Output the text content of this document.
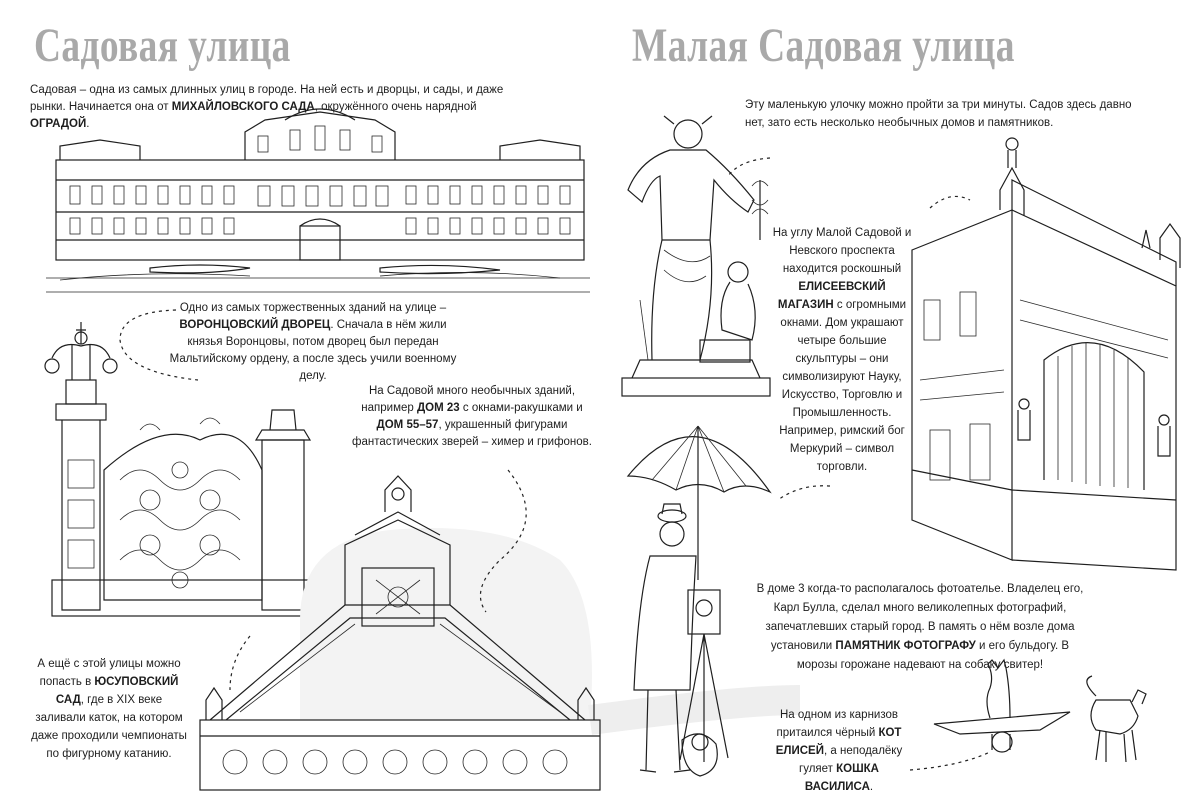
Садовая улица	Малая Садовая улица

Садовая – одна из самых длинных улиц в городе. На ней есть и дворцы, и сады, и даже рынки. Начинается она от МИХАЙЛОВСКОГО САДА, окружённого очень нарядной ОГРАДОЙ.

Одно из самых торжественных зданий на улице – ВОРОНЦОВСКИЙ ДВОРЕЦ. Сначала в нём жили князья Воронцовы, потом дворец был передан Мальтийскому ордену, а после здесь учили военному делу.

На Садовой много необычных зданий, например ДОМ 23 с окнами-ракушками и ДОМ 55–57, украшенный фигурами фантастических зверей – химер и грифонов.

А ещё с этой улицы можно попасть в ЮСУПОВСКИЙ САД, где в XIX веке заливали каток, на котором даже проходили чемпионаты по фигурному катанию.

Эту маленькую улочку можно пройти за три минуты. Садов здесь давно нет, зато есть несколько необычных домов и памятников.

На углу Малой Садовой и Невского проспекта находится роскошный ЕЛИСЕЕВСКИЙ МАГАЗИН с огромными окнами. Дом украшают четыре большие скульптуры – они символизируют Науку, Искусство, Торговлю и Промышленность. Например, римский бог Меркурий – символ торговли.

В доме 3 когда-то располагалось фотоателье. Владелец его, Карл Булла, сделал много великолепных фотографий, запечатлевших старый город. В память о нём возле дома установили ПАМЯТНИК ФОТОГРАФУ и его бульдогу. В морозы горожане надевают на собаку свитер!

На одном из карнизов притаился чёрный КОТ ЕЛИСЕЙ, а неподалёку гуляет КОШКА ВАСИЛИСА.
